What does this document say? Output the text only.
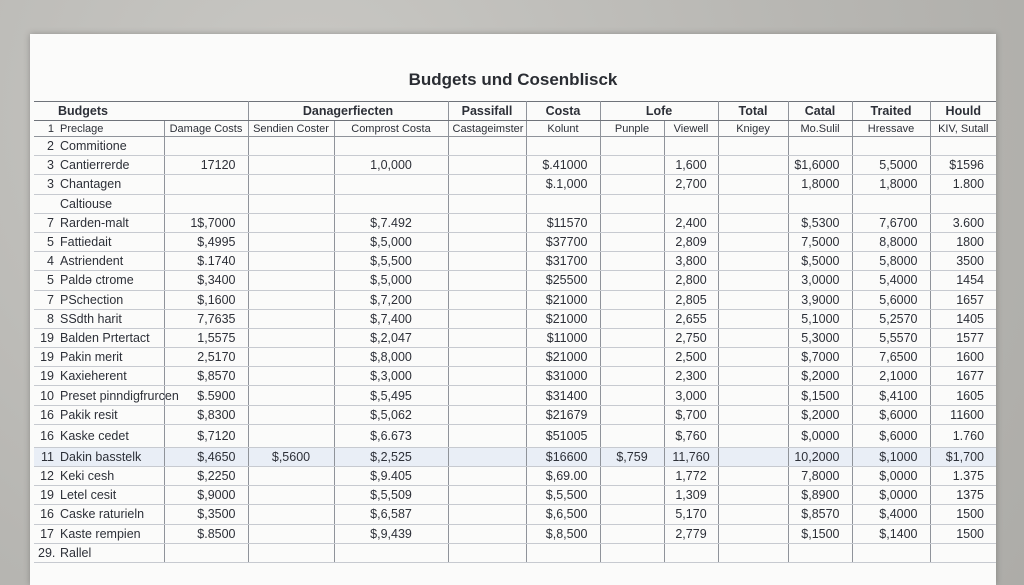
Budgets und Cosenblisck
Budgets		Danagerfiecten		Passifall	Costa	Lofe		Total	Catal	Traited	Hould
1 Preclage	Damage Costs	Sendien Coster	Comprost Costa	Castageimster	Kolunt	Punple	Viewell	Knigey	Mo.Sulil	Hressave	KIV, Sutall
2 Commitione											
3 Cantierrerde	17120		1,0,000		$.41000		1,600		$1,6000	5,5000	$1596
3 Chantagen					$.1,000		2,700		1,8000	1,8000	1.800
Caltiouse											
7 Rarden-malt	1$,7000		$,7.492		$11570		2,400		$,5300	7,6700	3.600
5 Fattiedait	$,4995		$,5,000		$37700		2,809		7,5000	8,8000	1800
4 Astriendent	$.1740		$,5,500		$31700		3,800		$,5000	5,8000	3500
5 Paldə ctrome	$,3400		$,5,000		$25500		2,800		3,0000	5,4000	1454
7 PSchection	$,1600		$,7,200		$21000		2,805		3,9000	5,6000	1657
8 SSdth harit	7,7635		$,7,400		$21000		2,655		5,1000	5,2570	1405
19 Balden Prtertact	1,5575		$,2,047		$11000		2,750		5,3000	5,5570	1577
19 Pakin merit	2,5170		$,8,000		$21000		2,500		$,7000	7,6500	1600
19 Kaxieherent	$,8570		$,3,000		$31000		2,300		$,2000	2,1000	1677
10 Preset pinndigfrurcen	$.5900		$,5,495		$31400		3,000		$,1500	$,4100	1605
16 Pakik resit	$,8300		$,5,062		$21679		$,700		$,2000	$,6000	11600
16 Kaske cedet	$,7120		$,6.673		$51005		$,760		$,0000	$,6000	1.760
11 Dakin basstelk	$,4650	$,5600	$,2,525		$16600	$,759	11,760		10,2000	$,1000	$1,700
12 Keki cesh	$,2250		$,9.405		$,69.00		1,772		7,8000	$,0000	1.375
19 Letel cesit	$,9000		$,5,509		$,5,500		1,309		$,8900	$,0000	1375
16 Caske raturieln	$,3500		$,6,587		$,6,500		5,170		$,8570	$,4000	1500
17 Kaste rempien	$.8500		$,9,439		$,8,500		2,779		$,1500	$,1400	1500
29. Rallel											
